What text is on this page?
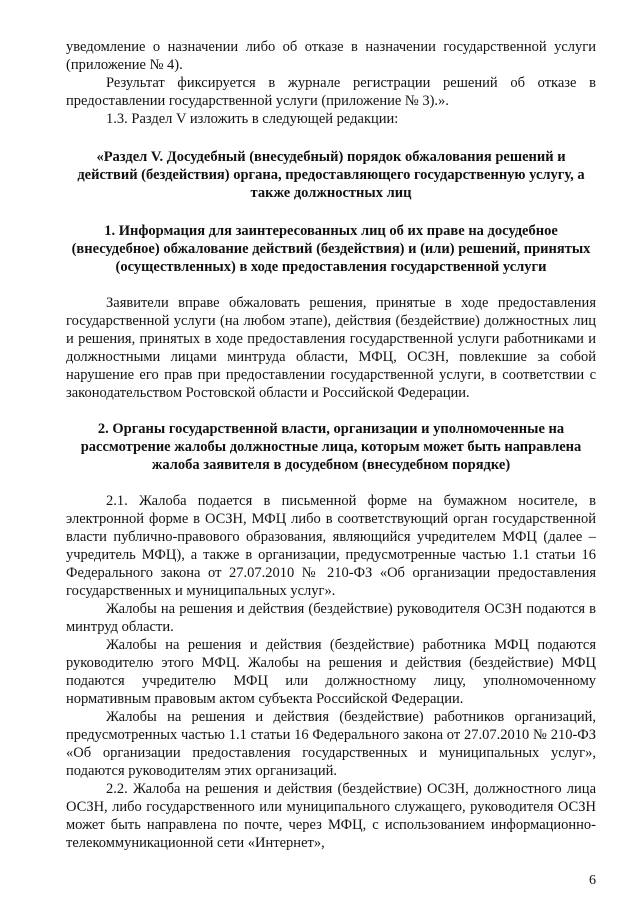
уведомление о назначении либо об отказе в назначении государственной услуги (приложение № 4).

Результат фиксируется в журнале регистрации решений об отказе в предоставлении государственной услуги (приложение № 3).».

1.3. Раздел V изложить в следующей редакции:

«Раздел V. Досудебный (внесудебный) порядок обжалования решений и действий (бездействия) органа, предоставляющего государственную услугу, а также должностных лиц

1. Информация для заинтересованных лиц об их праве на досудебное (внесудебное) обжалование действий (бездействия) и (или) решений, принятых (осуществленных) в ходе предоставления государственной услуги

Заявители вправе обжаловать решения, принятые в ходе предоставления государственной услуги (на любом этапе), действия (бездействие) должностных лиц и решения, принятых в ходе предоставления государственной услуги работниками и должностными лицами минтруда области, МФЦ, ОСЗН, повлекшие за собой нарушение его прав при предоставлении государственной услуги, в соответствии с законодательством Ростовской области и Российской Федерации.

2. Органы государственной власти, организации и уполномоченные на рассмотрение жалобы должностные лица, которым может быть направлена жалоба заявителя в досудебном (внесудебном порядке)

2.1. Жалоба подается в письменной форме на бумажном носителе, в электронной форме в ОСЗН, МФЦ либо в соответствующий орган государственной власти публично-правового образования, являющийся учредителем МФЦ (далее – учредитель МФЦ), а также в организации, предусмотренные частью 1.1 статьи 16 Федерального закона от 27.07.2010 № 210-ФЗ «Об организации предоставления государственных и муниципальных услуг».

Жалобы на решения и действия (бездействие) руководителя ОСЗН подаются в минтруд области.

Жалобы на решения и действия (бездействие) работника МФЦ подаются руководителю этого МФЦ. Жалобы на решения и действия (бездействие) МФЦ подаются учредителю МФЦ или должностному лицу, уполномоченному нормативным правовым актом субъекта Российской Федерации.

Жалобы на решения и действия (бездействие) работников организаций, предусмотренных частью 1.1 статьи 16 Федерального закона от 27.07.2010 № 210-ФЗ «Об организации предоставления государственных и муниципальных услуг», подаются руководителям этих организаций.

2.2. Жалоба на решения и действия (бездействие) ОСЗН, должностного лица ОСЗН, либо государственного или муниципального служащего, руководителя ОСЗН может быть направлена по почте, через МФЦ, с использованием информационно-телекоммуникационной сети «Интернет»,

6
